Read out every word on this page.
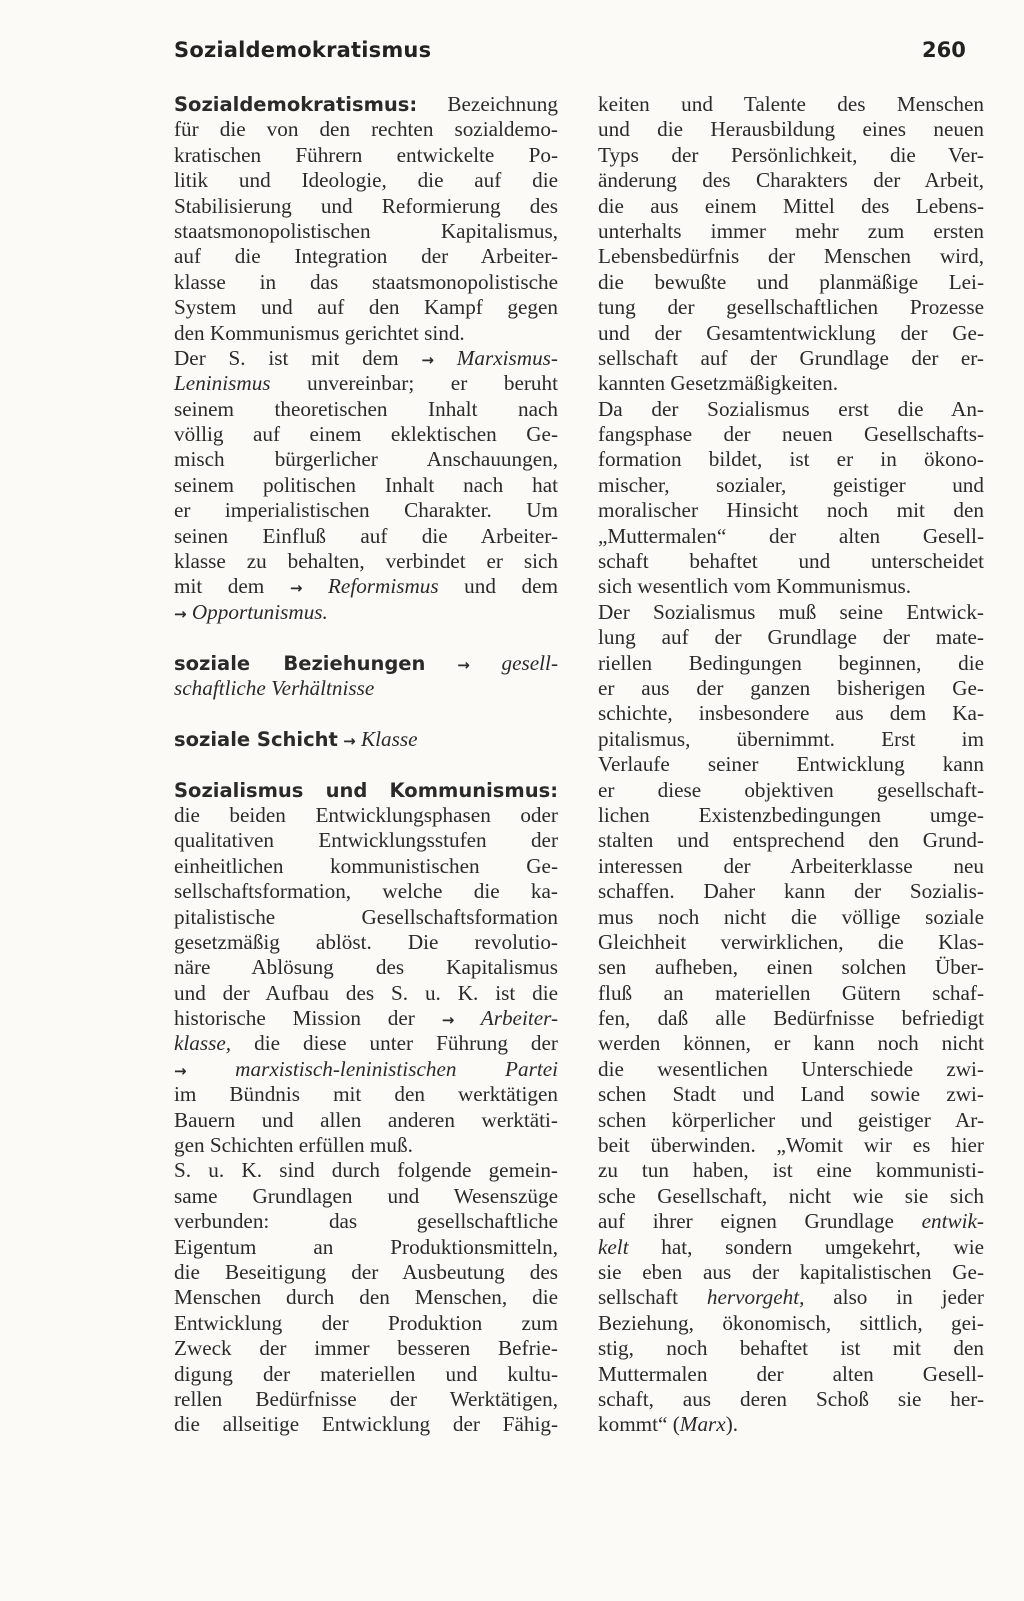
Sozialdemokratismus	260
Sozialdemokratismus: Bezeichnung
für die von den rechten sozialdemo-
kratischen Führern entwickelte Po-
litik und Ideologie, die auf die
Stabilisierung und Reformierung des
staatsmonopolistischen Kapitalismus,
auf die Integration der Arbeiter-
klasse in das staatsmonopolistische
System und auf den Kampf gegen
den Kommunismus gerichtet sind.
Der S. ist mit dem → Marxismus-
Leninismus unvereinbar; er beruht
seinem theoretischen Inhalt nach
völlig auf einem eklektischen Ge-
misch bürgerlicher Anschauungen,
seinem politischen Inhalt nach hat
er imperialistischen Charakter. Um
seinen Einfluß auf die Arbeiter-
klasse zu behalten, verbindet er sich
mit dem → Reformismus und dem
→ Opportunismus.
soziale Beziehungen → gesell-
schaftliche Verhältnisse
soziale Schicht → Klasse
Sozialismus und Kommunismus:
die beiden Entwicklungsphasen oder
qualitativen Entwicklungsstufen der
einheitlichen kommunistischen Ge-
sellschaftsformation, welche die ka-
pitalistische Gesellschaftsformation
gesetzmäßig ablöst. Die revolutio-
näre Ablösung des Kapitalismus
und der Aufbau des S. u. K. ist die
historische Mission der → Arbeiter-
klasse, die diese unter Führung der
→ marxistisch-leninistischen Partei
im Bündnis mit den werktätigen
Bauern und allen anderen werktäti-
gen Schichten erfüllen muß.
S. u. K. sind durch folgende gemein-
same Grundlagen und Wesenszüge
verbunden: das gesellschaftliche
Eigentum an Produktionsmitteln,
die Beseitigung der Ausbeutung des
Menschen durch den Menschen, die
Entwicklung der Produktion zum
Zweck der immer besseren Befrie-
digung der materiellen und kultu-
rellen Bedürfnisse der Werktätigen,
die allseitige Entwicklung der Fähig-
keiten und Talente des Menschen
und die Herausbildung eines neuen
Typs der Persönlichkeit, die Ver-
änderung des Charakters der Arbeit,
die aus einem Mittel des Lebens-
unterhalts immer mehr zum ersten
Lebensbedürfnis der Menschen wird,
die bewußte und planmäßige Lei-
tung der gesellschaftlichen Prozesse
und der Gesamtentwicklung der Ge-
sellschaft auf der Grundlage der er-
kannten Gesetzmäßigkeiten.
Da der Sozialismus erst die An-
fangsphase der neuen Gesellschafts-
formation bildet, ist er in ökono-
mischer, sozialer, geistiger und
moralischer Hinsicht noch mit den
„Muttermalen“ der alten Gesell-
schaft behaftet und unterscheidet
sich wesentlich vom Kommunismus.
Der Sozialismus muß seine Entwick-
lung auf der Grundlage der mate-
riellen Bedingungen beginnen, die
er aus der ganzen bisherigen Ge-
schichte, insbesondere aus dem Ka-
pitalismus, übernimmt. Erst im
Verlaufe seiner Entwicklung kann
er diese objektiven gesellschaft-
lichen Existenzbedingungen umge-
stalten und entsprechend den Grund-
interessen der Arbeiterklasse neu
schaffen. Daher kann der Sozialis-
mus noch nicht die völlige soziale
Gleichheit verwirklichen, die Klas-
sen aufheben, einen solchen Über-
fluß an materiellen Gütern schaf-
fen, daß alle Bedürfnisse befriedigt
werden können, er kann noch nicht
die wesentlichen Unterschiede zwi-
schen Stadt und Land sowie zwi-
schen körperlicher und geistiger Ar-
beit überwinden. „Womit wir es hier
zu tun haben, ist eine kommunisti-
sche Gesellschaft, nicht wie sie sich
auf ihrer eignen Grundlage entwik-
kelt hat, sondern umgekehrt, wie
sie eben aus der kapitalistischen Ge-
sellschaft hervorgeht, also in jeder
Beziehung, ökonomisch, sittlich, gei-
stig, noch behaftet ist mit den
Muttermalen der alten Gesell-
schaft, aus deren Schoß sie her-
kommt“ (Marx).
